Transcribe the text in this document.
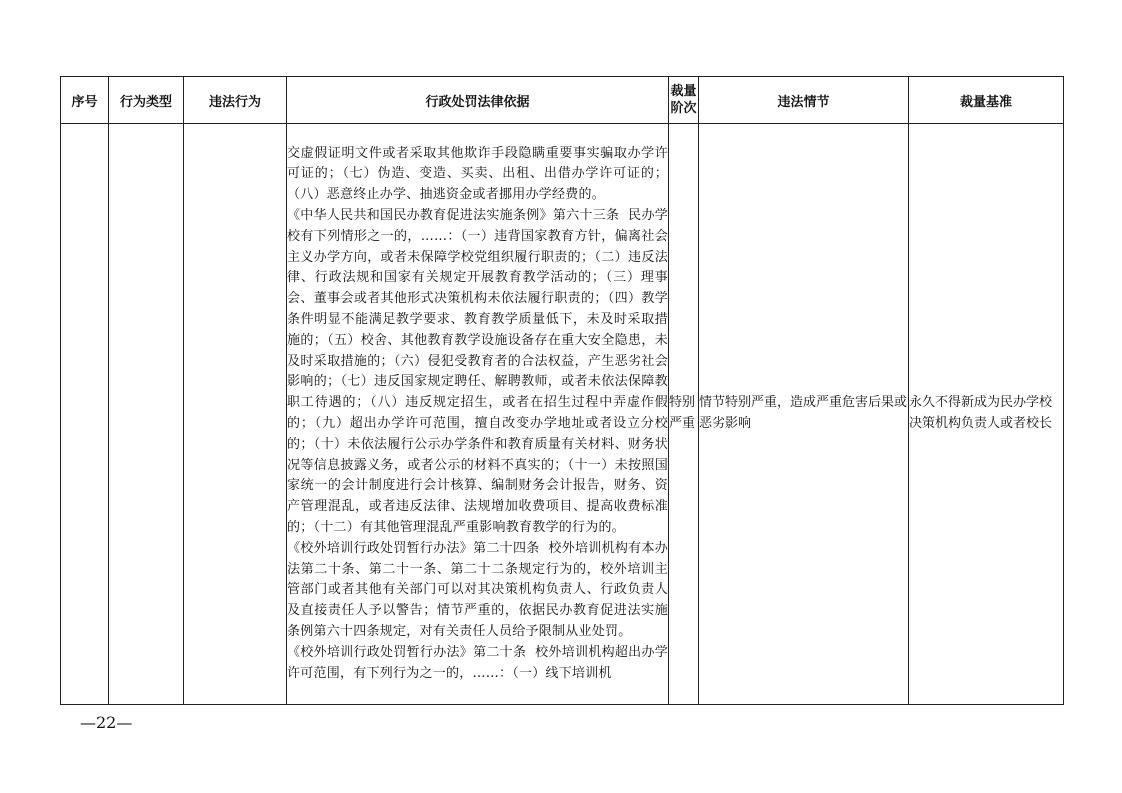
序号	行为类型	违法行为	行政处罚法律依据	裁量
阶次	违法情节	裁量基准

			交虚假证明文件或者采取其他欺诈手段隐瞒重要事实骗取办学许可证的；（七）伪造、变造、买卖、出租、出借办学许可证的；（八）恶意终止办学、抽逃资金或者挪用办学经费的。

《中华人民共和国民办教育促进法实施条例》第六十三条  民办学校有下列情形之一的，……：（一）违背国家教育方针，偏离社会主义办学方向，或者未保障学校党组织履行职责的；（二）违反法律、行政法规和国家有关规定开展教育教学活动的；（三）理事会、董事会或者其他形式决策机构未依法履行职责的；（四）教学条件明显不能满足教学要求、教育教学质量低下，未及时采取措施的；（五）校舍、其他教育教学设施设备存在重大安全隐患，未及时采取措施的；（六）侵犯受教育者的合法权益，产生恶劣社会影响的；（七）违反国家规定聘任、解聘教师，或者未依法保障教职工待遇的；（八）违反规定招生，或者在招生过程中弄虚作假的；（九）超出办学许可范围，擅自改变办学地址或者设立分校的；（十）未依法履行公示办学条件和教育质量有关材料、财务状况等信息披露义务，或者公示的材料不真实的；（十一）未按照国家统一的会计制度进行会计核算、编制财务会计报告，财务、资产管理混乱，或者违反法律、法规增加收费项目、提高收费标准的；（十二）有其他管理混乱严重影响教育教学的行为的。

《校外培训行政处罚暂行办法》第二十四条  校外培训机构有本办法第二十条、第二十一条、第二十二条规定行为的，校外培训主管部门或者其他有关部门可以对其决策机构负责人、行政负责人及直接责任人予以警告；情节严重的，依据民办教育促进法实施条例第六十四条规定，对有关责任人员给予限制从业处罚。

《校外培训行政处罚暂行办法》第二十条  校外培训机构超出办学许可范围，有下列行为之一的，……：（一）线下培训机	特别严重	情节特别严重，造成严重危害后果或恶劣影响	永久不得新成为民办学校决策机构负责人或者校长
—22—
